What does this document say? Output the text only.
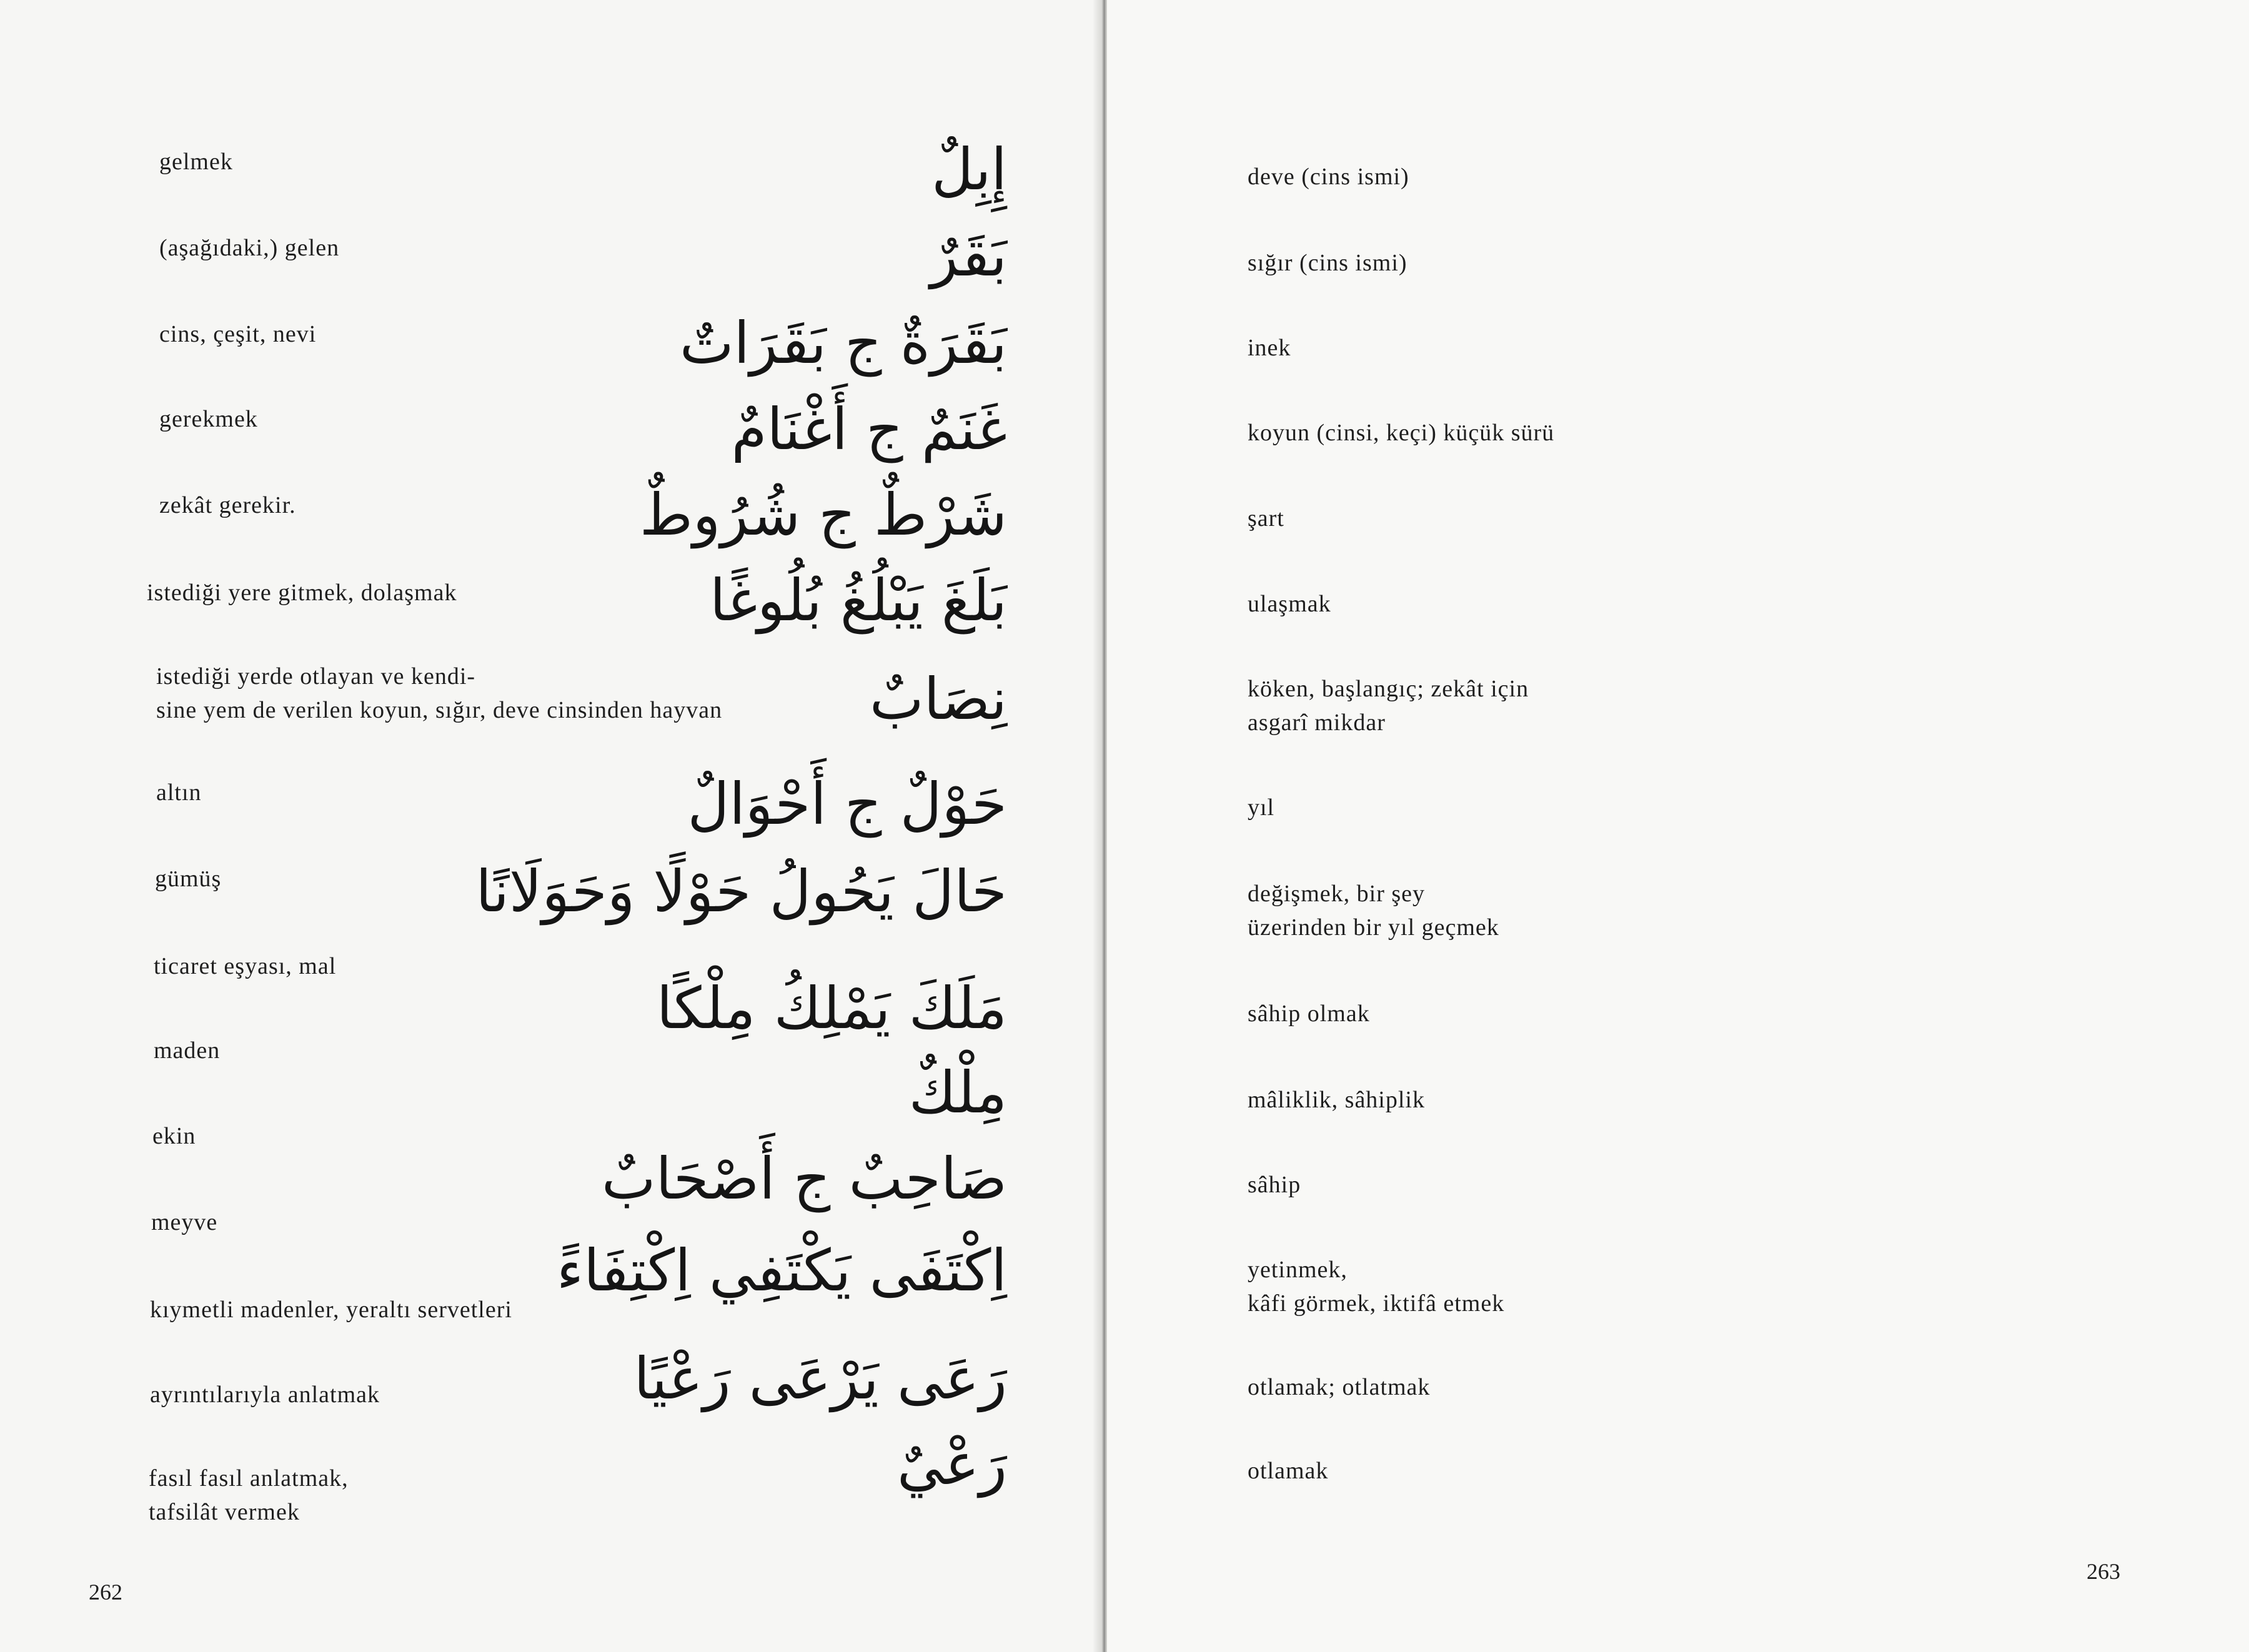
gelmek
(aşağıdaki,) gelen
cins, çeşit, nevi
gerekmek
zekât gerekir.
istediği yere gitmek, dolaşmak
istediği yerde otlayan ve kendi-
sine yem de verilen koyun, sığır, deve cinsinden hayvan
altın
gümüş
ticaret eşyası, mal
maden
ekin
meyve
kıymetli madenler, yeraltı servetleri
ayrıntılarıyla anlatmak
fasıl fasıl anlatmak,
tafsilât vermek
262
deve (cins ismi)
إِبِلٌ
sığır (cins ismi)
بَقَرٌ
inek
بَقَرَةٌ ج بَقَرَاتٌ
koyun (cinsi, keçi) küçük sürü
غَنَمٌ ج أَغْنَامٌ
şart
شَرْطٌ ج شُرُوطٌ
ulaşmak
بَلَغَ يَبْلُغُ بُلُوغًا
köken, başlangıç; zekât için
asgarî mikdar
نِصَابٌ
yıl
حَوْلٌ ج أَحْوَالٌ
değişmek, bir şey
üzerinden bir yıl geçmek
حَالَ يَحُولُ حَوْلًا وَحَوَلَانًا
sâhip olmak
مَلَكَ يَمْلِكُ مِلْكًا
mâliklik, sâhiplik
مِلْكٌ
sâhip
صَاحِبٌ ج أَصْحَابٌ
yetinmek,
kâfi görmek, iktifâ etmek
اِكْتَفَى يَكْتَفِي اِكْتِفَاءً
otlamak; otlatmak
رَعَى يَرْعَى رَعْيًا
otlamak
رَعْيٌ
263
